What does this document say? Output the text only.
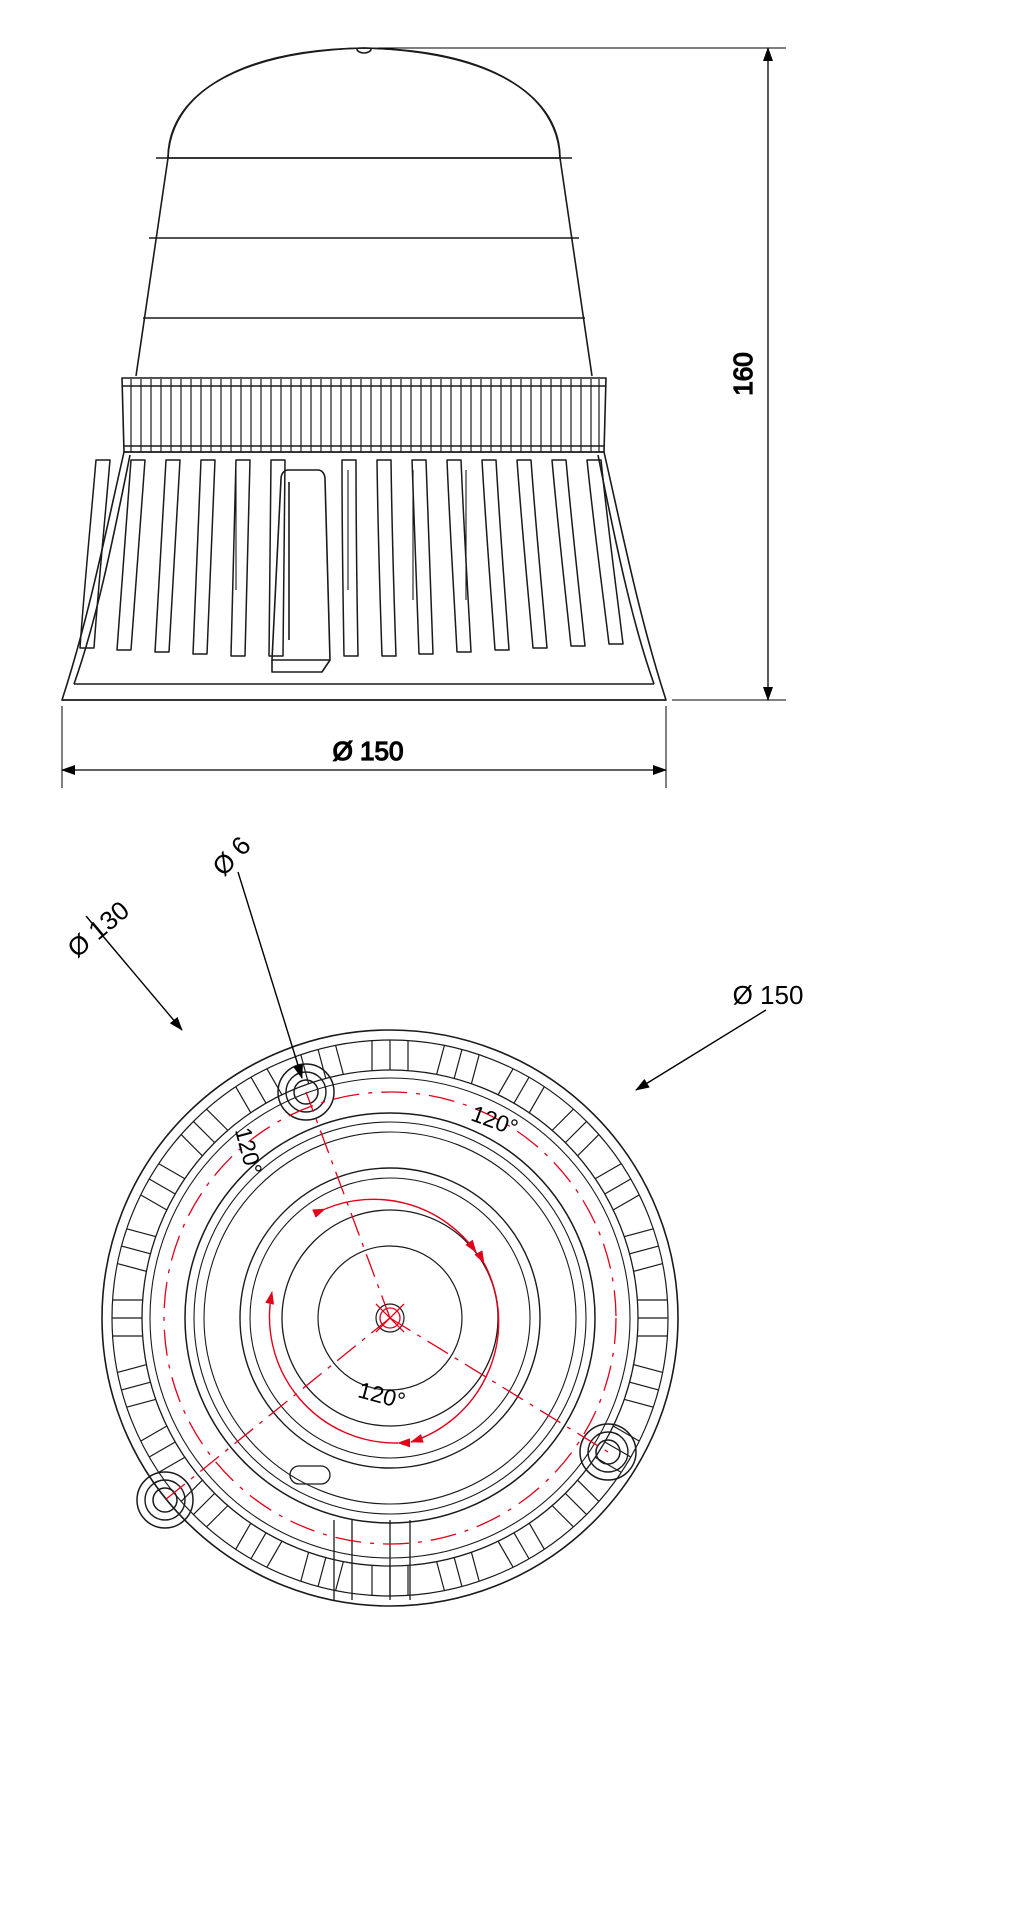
160
Ø 150
Ø 6
Ø 130
Ø 150
120°
120°
120°
